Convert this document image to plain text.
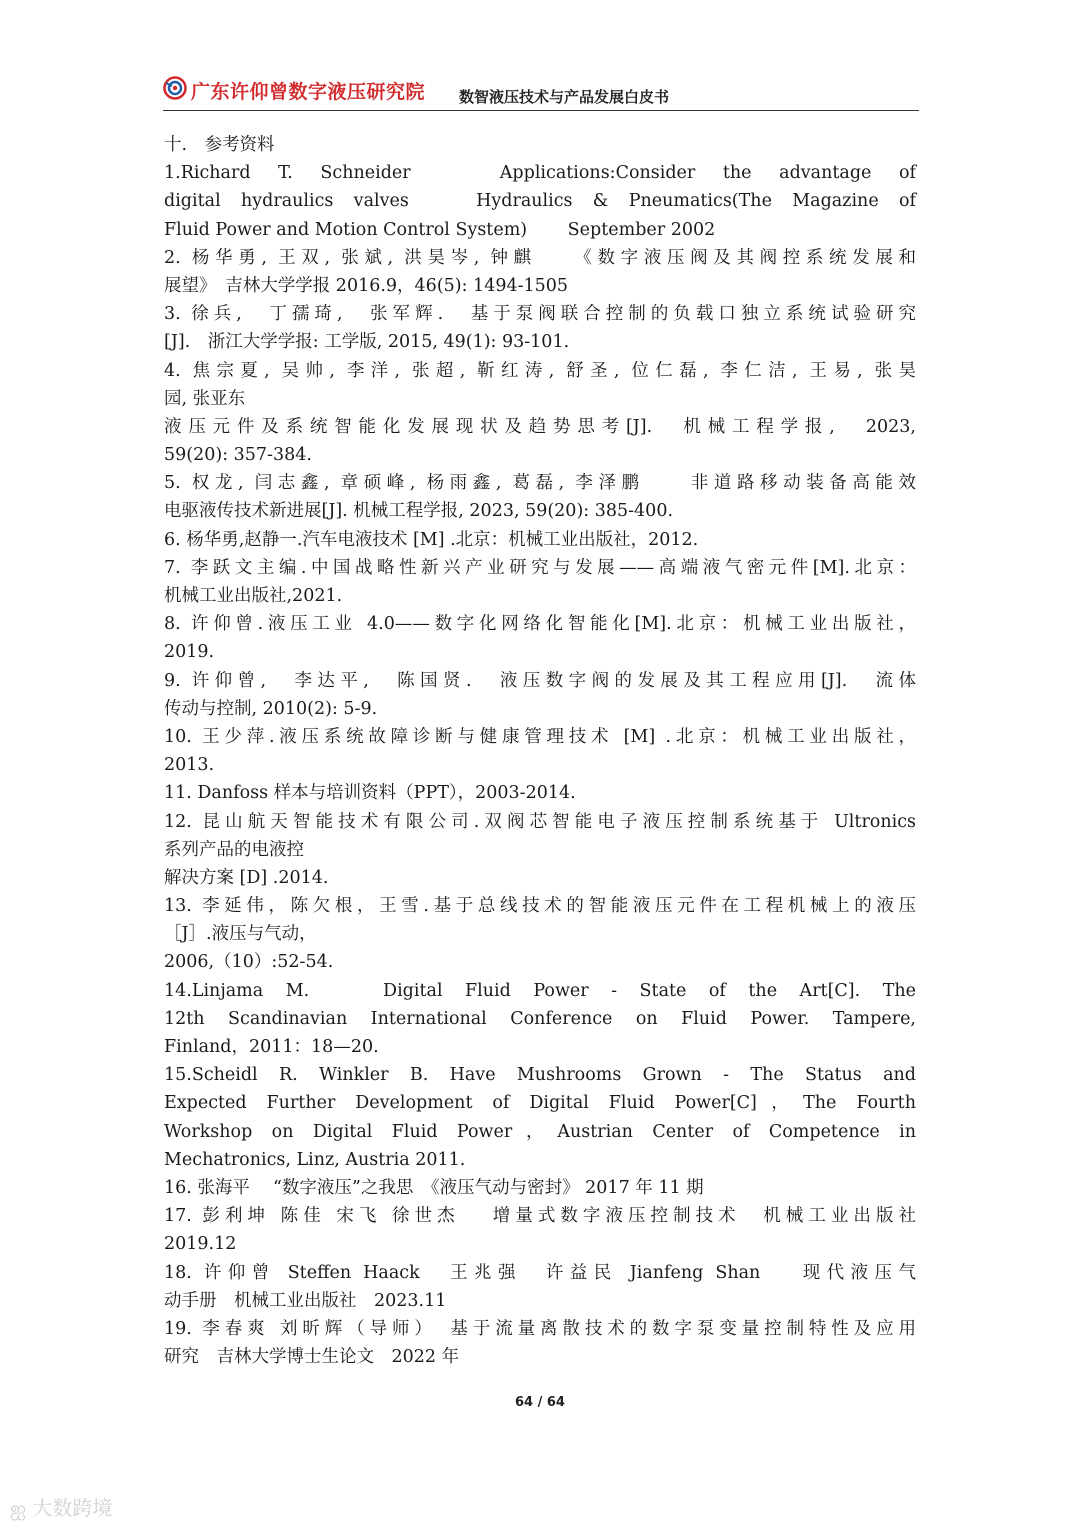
广东许仰曾数字液压研究院 数智液压技术与产品发展白皮书
十.　参考资料
1.Richard T. Schneider　 Applications:Consider the advantage of
digital hydraulics valves　 Hydraulics & Pneumatics(The Magazine of
Fluid Power and Motion Control System)　　 September 2002
2. 杨华勇, 王双, 张斌, 洪昊岑, 钟麒　　《数字液压阀及其阀控系统发展和
展望》　吉林大学学报 2016.9，46(5): 1494-1505
3. 徐兵,　丁孺琦,　张军辉.　基于泵阀联合控制的负载口独立系统试验研究
[J].　浙江大学学报: 工学版, 2015, 49(1): 93-101.
4. 焦宗夏, 吴帅, 李洋, 张超, 靳红涛, 舒圣, 位仁磊, 李仁洁, 王易, 张昊
园, 张亚东
液压元件及系统智能化发展现状及趋势思考[J].　机械工程学报,　2023,
59(20): 357-384.
5. 权龙, 闫志鑫, 章硕峰, 杨雨鑫, 葛磊, 李泽鹏　　非道路移动装备高能效
电驱液传技术新进展[J]. 机械工程学报, 2023, 59(20): 385-400.
6. 杨华勇,赵静一.汽车电液技术 [M] .北京：机械工业出版社，2012.
7. 李跃文主编.中国战略性新兴产业研究与发展——高端液气密元件[M].北京：
机械工业出版社,2021.
8. 许仰曾.液压工业 4.0——数字化网络化智能化[M].北京：机械工业出版社，
2019.
9. 许仰曾,　李达平,　陈国贤.　液压数字阀的发展及其工程应用[J].　流体
传动与控制, 2010(2): 5-9.
10. 王少萍.液压系统故障诊断与健康管理技术 [M] .北京：机械工业出版社，
2013.
11. Danfoss 样本与培训资料（PPT），2003-2014.
12. 昆山航天智能技术有限公司.双阀芯智能电子液压控制系统基于 Ultronics
系列产品的电液控
解决方案 [D] .2014.
13. 李延伟，陈欠根，王雪.基于总线技术的智能液压元件在工程机械上的液压
［J］.液压与气动，
2006,（10）:52-54.
14.Linjama M.　 Digital Fluid Power - State of the Art[C]. The
12th Scandinavian International Conference on Fluid Power. Tampere,
Finland，2011：18—20.
15.Scheidl R. Winkler B. Have Mushrooms Grown - The Status and
Expected Further Development of Digital Fluid Power[C]，The Fourth
Workshop on Digital Fluid Power，Austrian Center of Competence in
Mechatronics, Linz, Austria 2011.
16. 张海平　 “数字液压”之我思　《液压气动与密封》 2017 年 11 期
17. 彭利坤 陈佳 宋飞 徐世杰　 增量式数字液压控制技术　机械工业出版社
2019.12
18. 许仰曾 Steffen Haack　王兆强　许益民 Jianfeng Shan　 现代液压气
动手册　机械工业出版社　2023.11
19. 李春爽 刘昕辉（导师）　基于流量离散技术的数字泵变量控制特性及应用
研究　吉林大学博士生论文　2022 年
64 / 64
ஐ 大数跨境
